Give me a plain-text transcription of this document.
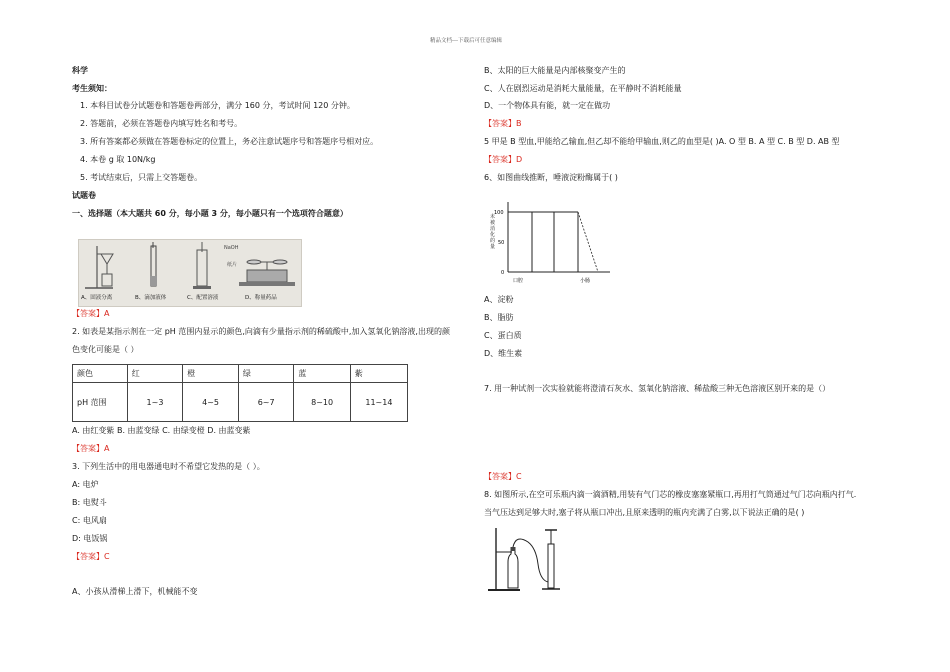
精品文档---下载后可任意编辑
科学
考生须知：
1. 本科目试卷分试题卷和答题卷两部分，满分 160 分，考试时间 120 分钟。
2. 答题前，必须在答题卷内填写姓名和考号。
3. 所有答案都必须做在答题卷标定的位置上，务必注意试题序号和答题序号相对应。
4. 本卷 g 取 10N/kg
5. 考试结束后，只需上交答题卷。
试题卷
一、选择题（本大题共 60 分，每小题 3 分，每小题只有一个选项符合题意）
NaOH
纸片
A、固液分离	B、滴加液体	C、配置溶液	D、称量药品
【答案】A
2. 如表是某指示剂在一定 pH 范围内显示的颜色,向滴有少量指示剂的稀硫酸中,加入氢氧化钠溶液,出现的颜
色变化可能是（ ）
颜色	红	橙	绿	蓝	紫
pH 范围	1~3	4~5	6~7	8~10	11~14
A. 由红变紫 B. 由蓝变绿 C. 由绿变橙 D. 由蓝变紫
【答案】A
3. 下列生活中的用电器通电时不希望它发热的是（ ）。
A: 电炉
B: 电熨斗
C: 电风扇
D: 电饭锅
【答案】C
A、小孩从滑梯上滑下，机械能不变
B、太阳的巨大能量是内部核聚变产生的
C、人在剧烈运动是消耗大量能量，在平静时不消耗能量
D、一个物体具有能，就一定在做功
【答案】B
5 甲是 B 型血,甲能给乙输血,但乙却不能给甲输血,则乙的血型是( )A. O 型 B. A 型 C. B 型 D. AB 型
【答案】D
6、如图曲线推断，唾液淀粉酶属于( )
100
50
0
口腔	小肠
未被消化的量
A、淀粉
B、脂肪
C、蛋白质
D、维生素
7. 用一种试剂一次实验就能将澄清石灰水、氢氧化钠溶液、稀盐酸三种无色溶液区别开来的是（）
【答案】C
8. 如图所示,在空可乐瓶内滴一滴酒精,用装有气门芯的橡皮塞塞紧瓶口,再用打气筒通过气门芯向瓶内打气.
当气压达到足够大时,塞子将从瓶口冲出,且原来透明的瓶内充满了白雾,以下说法正确的是( )
